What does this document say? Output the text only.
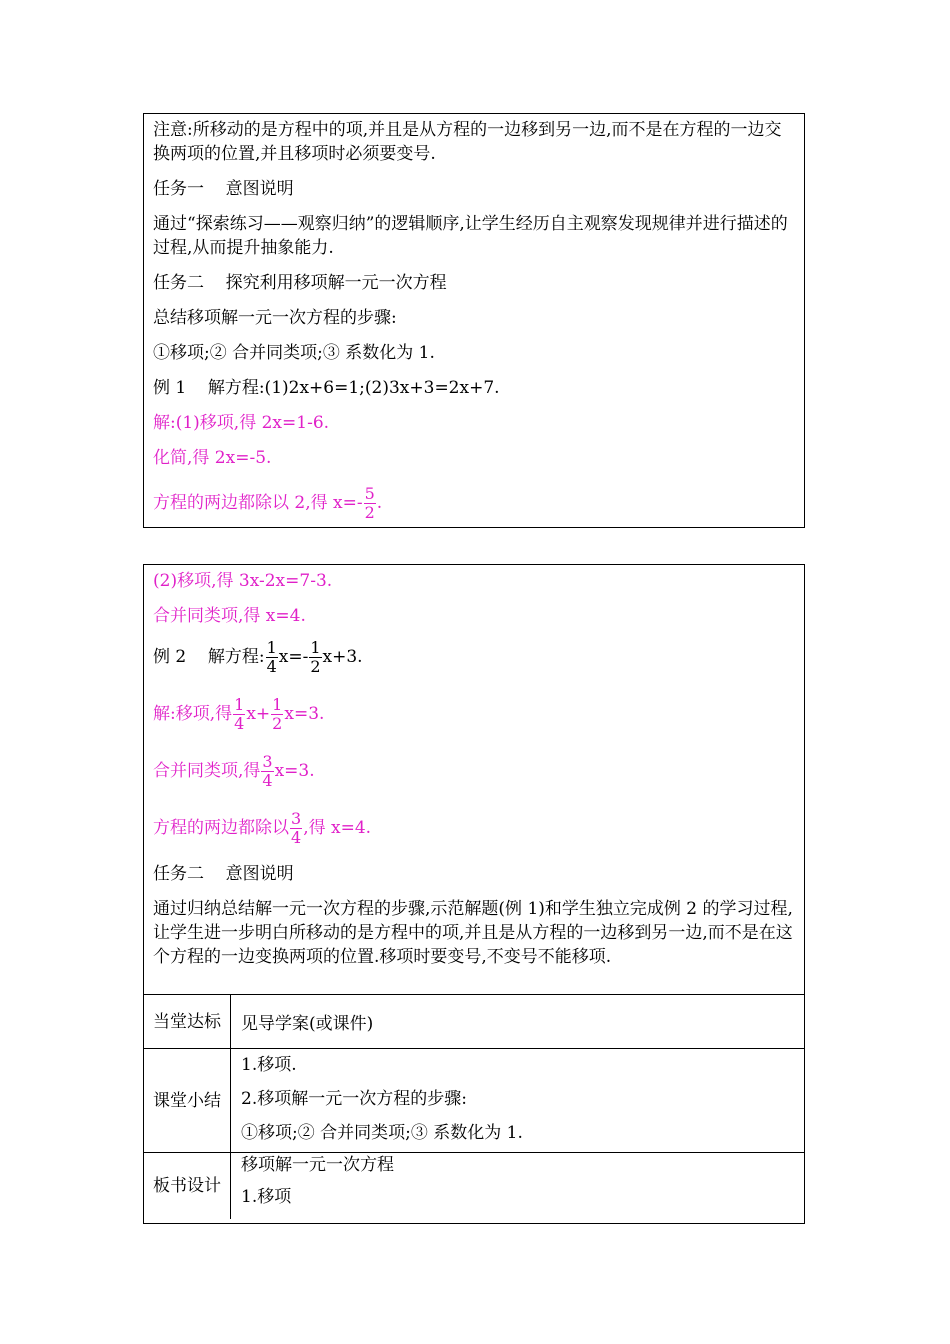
注意:所移动的是方程中的项,并且是从方程的一边移到另一边,而不是在方程的一边交换两项的位置,并且移项时必须要变号.
任务一    意图说明
通过“探索练习——观察归纳”的逻辑顺序,让学生经历自主观察发现规律并进行描述的过程,从而提升抽象能力.
任务二    探究利用移项解一元一次方程
总结移项解一元一次方程的步骤:
①移项;② 合并同类项;③ 系数化为 1.
例 1    解方程:(1)2x+6=1;(2)3x+3=2x+7.
解:(1)移项,得 2x=1-6.
化简,得 2x=-5.
方程的两边都除以 2,得 $x=- \frac{5}{2}$ .
(2)移项,得 3x-2x=7-3.
合并同类项,得 x=4.
例 2    解方程: $\frac{1}{4} x=- \frac{1}{2} x+3$.
解:移项,得 $\frac{1}{4} x+ \frac{1}{2} x=3$.
合并同类项,得 $\frac{3}{4} x=3$.
方程的两边都除以 $\frac{3}{4}$ ,得 x=4.
任务二    意图说明
通过归纳总结解一元一次方程的步骤,示范解题(例 1)和学生独立完成例 2 的学习过程,让学生进一步明白所移动的是方程中的项,并且是从方程的一边移到另一边,而不是在这个方程的一边变换两项的位置.移项时要变号,不变号不能移项.
当堂达标	见导学案(或课件)
课堂小结
1.移项.
2.移项解一元一次方程的步骤:
①移项;② 合并同类项;③ 系数化为 1.
板书设计
移项解一元一次方程
1.移项
